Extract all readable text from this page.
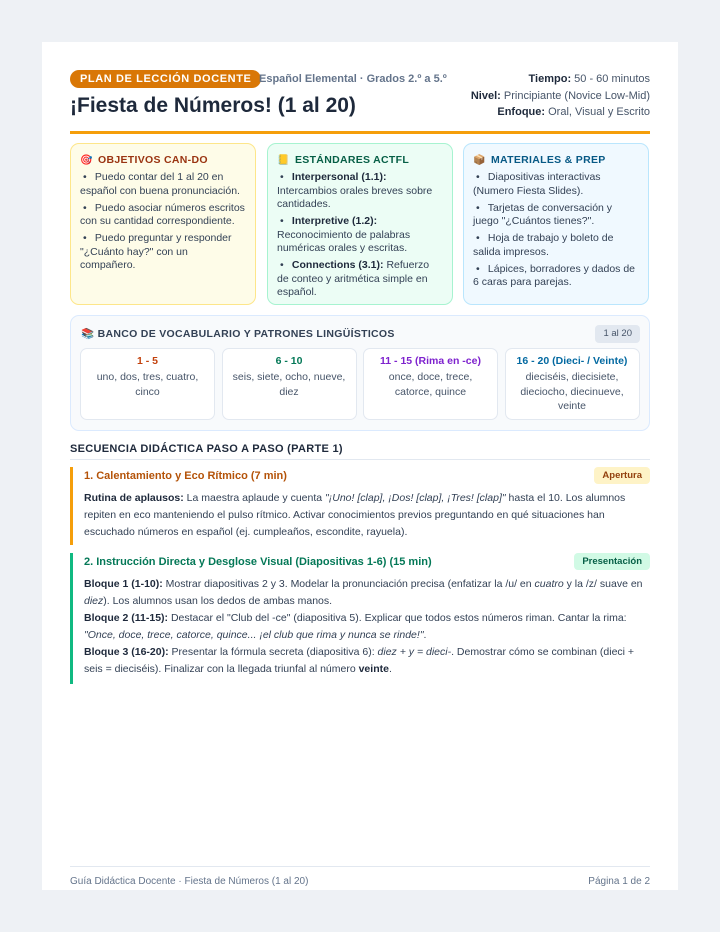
PLAN DE LECCIÓN DOCENTE Español Elemental · Grados 2.º a 5.º
¡Fiesta de Números! (1 al 20)
Tiempo: 50 - 60 minutos
Nivel: Principiante (Novice Low-Mid)
Enfoque: Oral, Visual y Escrito
🎯 OBJETIVOS CAN-DO
• Puedo contar del 1 al 20 en español con buena pronunciación.
• Puedo asociar números escritos con su cantidad correspondiente.
• Puedo preguntar y responder "¿Cuánto hay?" con un compañero.
📒 ESTÁNDARES ACTFL
• Interpersonal (1.1): Intercambios orales breves sobre cantidades.
• Interpretive (1.2): Reconocimiento de palabras numéricas orales y escritas.
• Connections (3.1): Refuerzo de conteo y aritmética simple en español.
📦 MATERIALES & PREP
• Diapositivas interactivas (Numero Fiesta Slides).
• Tarjetas de conversación y juego "¿Cuántos tienes?".
• Hoja de trabajo y boleto de salida impresos.
• Lápices, borradores y dados de 6 caras para parejas.
📚 BANCO DE VOCABULARIO Y PATRONES LINGÜÍSTICOS	1 al 20
1 - 5
uno, dos, tres, cuatro, cinco
6 - 10
seis, siete, ocho, nueve, diez
11 - 15 (Rima en -ce)
once, doce, trece, catorce, quince
16 - 20 (Dieci- / Veinte)
dieciséis, diecisiete, dieciocho, diecinueve, veinte
SECUENCIA DIDÁCTICA PASO A PASO (PARTE 1)
1. Calentamiento y Eco Rítmico (7 min)	Apertura

Rutina de aplausos: La maestra aplaude y cuenta "¡Uno! [clap], ¡Dos! [clap], ¡Tres! [clap]" hasta el 10. Los alumnos repiten en eco manteniendo el pulso rítmico. Activar conocimientos previos preguntando en qué situaciones han escuchado números en español (ej. cumpleaños, escondite, rayuela).

2. Instrucción Directa y Desglose Visual (Diapositivas 1-6) (15 min)	Presentación

Bloque 1 (1-10): Mostrar diapositivas 2 y 3. Modelar la pronunciación precisa (enfatizar la /u/ en cuatro y la /z/ suave en diez). Los alumnos usan los dedos de ambas manos.

Bloque 2 (11-15): Destacar el "Club del -ce" (diapositiva 5). Explicar que todos estos números riman. Cantar la rima: "Once, doce, trece, catorce, quince... ¡el club que rima y nunca se rinde!".

Bloque 3 (16-20): Presentar la fórmula secreta (diapositiva 6): diez + y = dieci-. Demostrar cómo se combinan (dieci + seis = dieciséis). Finalizar con la llegada triunfal al número veinte.

Guía Didáctica Docente · Fiesta de Números (1 al 20)	Página 1 de 2
